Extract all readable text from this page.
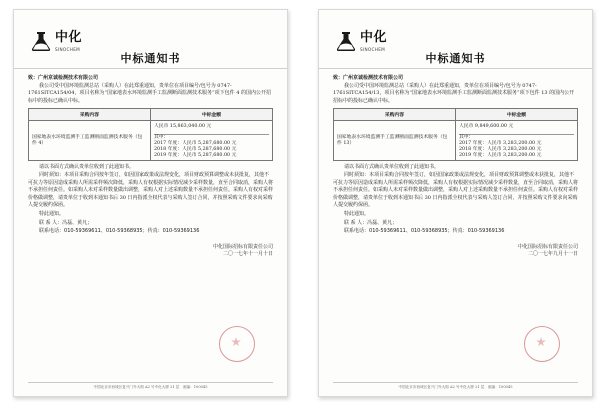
中化
SINOCHEM
中标通知书
致：广州京诚检测技术有限公司

我公司受中国环境监测总站（采购人）在此郑重通知，贵单位在项目编号/包号为 0747-1761SITCA154/04，项目名称为“国家地表水环境监测手工监测断面监测技术服务”项下包件 4 的国内公开招标中的投标已确认中标。

采购内容	中标金额
国家地表水环境监测手工监测断面监测技术服务（包件 4）	人民币 15,863,040.00 元
其中：
2017 年度：人民币 5,287,680.00 元
2018 年度：人民币 5,287,680.00 元
2019 年度：人民币 5,287,680.00 元

请以书面方式确认贵单位收到了此通知书。

同时须知：本项目采购合同按年签订，如因国家政策或法规变化，项目财政预算调整或未获批复，其他不可抗力等原因造成采购人所需采样频次降低，采购人有权根据实际情况减少采样数量，直至合同取消，采购人将不承担任何责任。如采购人未对采样数量做出调整，采购人对上述采购数量不承担任何责任。采购人有权对采样价格做调整，请贵单位于收到本通知书后 30 日内指派全权代表与采购人签订合同，并按照采购文件要求向采购人提交履约保函。

特此通知。

联 系 人：冯磊、黄凡；
联系电话：010-59369611、010-59368935；传真：010-59369136
中化国际招标有限责任公司
二〇一七年十一月十日
中国北京市西城区复兴门外大街 A2 号中化大厦 21 层　邮编：100045
中化
SINOCHEM
中标通知书
致：广州京诚检测技术有限公司

我公司受中国环境监测总站（采购人）在此郑重通知，贵单位在项目编号/包号为 0747-1761SITCA154/13，项目名称为“国家地表水环境监测手工监测断面监测技术服务”项下包件 13 的国内公开招标中的投标已确认中标。

采购内容	中标金额
国家地表水环境监测手工监测断面监测技术服务（包件 13）	人民币 9,849,600.00 元
其中：
2017 年度：人民币 3,283,200.00 元
2018 年度：人民币 3,283,200.00 元
2019 年度：人民币 3,283,200.00 元

请以书面方式确认贵单位收到了此通知书。

同时须知：本项目采购合同按年签订，如因国家政策或法规变化，项目财政预算调整或未获批复，其他不可抗力等原因造成采购人所需采样频次降低，采购人有权根据实际情况减少采样数量，直至合同取消，采购人将不承担任何责任。如采购人未对采样数量做出调整，采购人对上述采购数量不承担任何责任。采购人有权对采样价格做调整，请贵单位于收到本通知书后 30 日内指派全权代表与采购人签订合同，并按照采购文件要求向采购人提交履约保函。

特此通知。

联 系 人：冯磊、黄凡；
联系电话：010-59369611、010-59368935；传真：010-59369136
中化国际招标有限责任公司
二〇一七年九月十一日
中国北京市西城区复兴门外大街 A2 号中化大厦 21 层　邮编：100045
